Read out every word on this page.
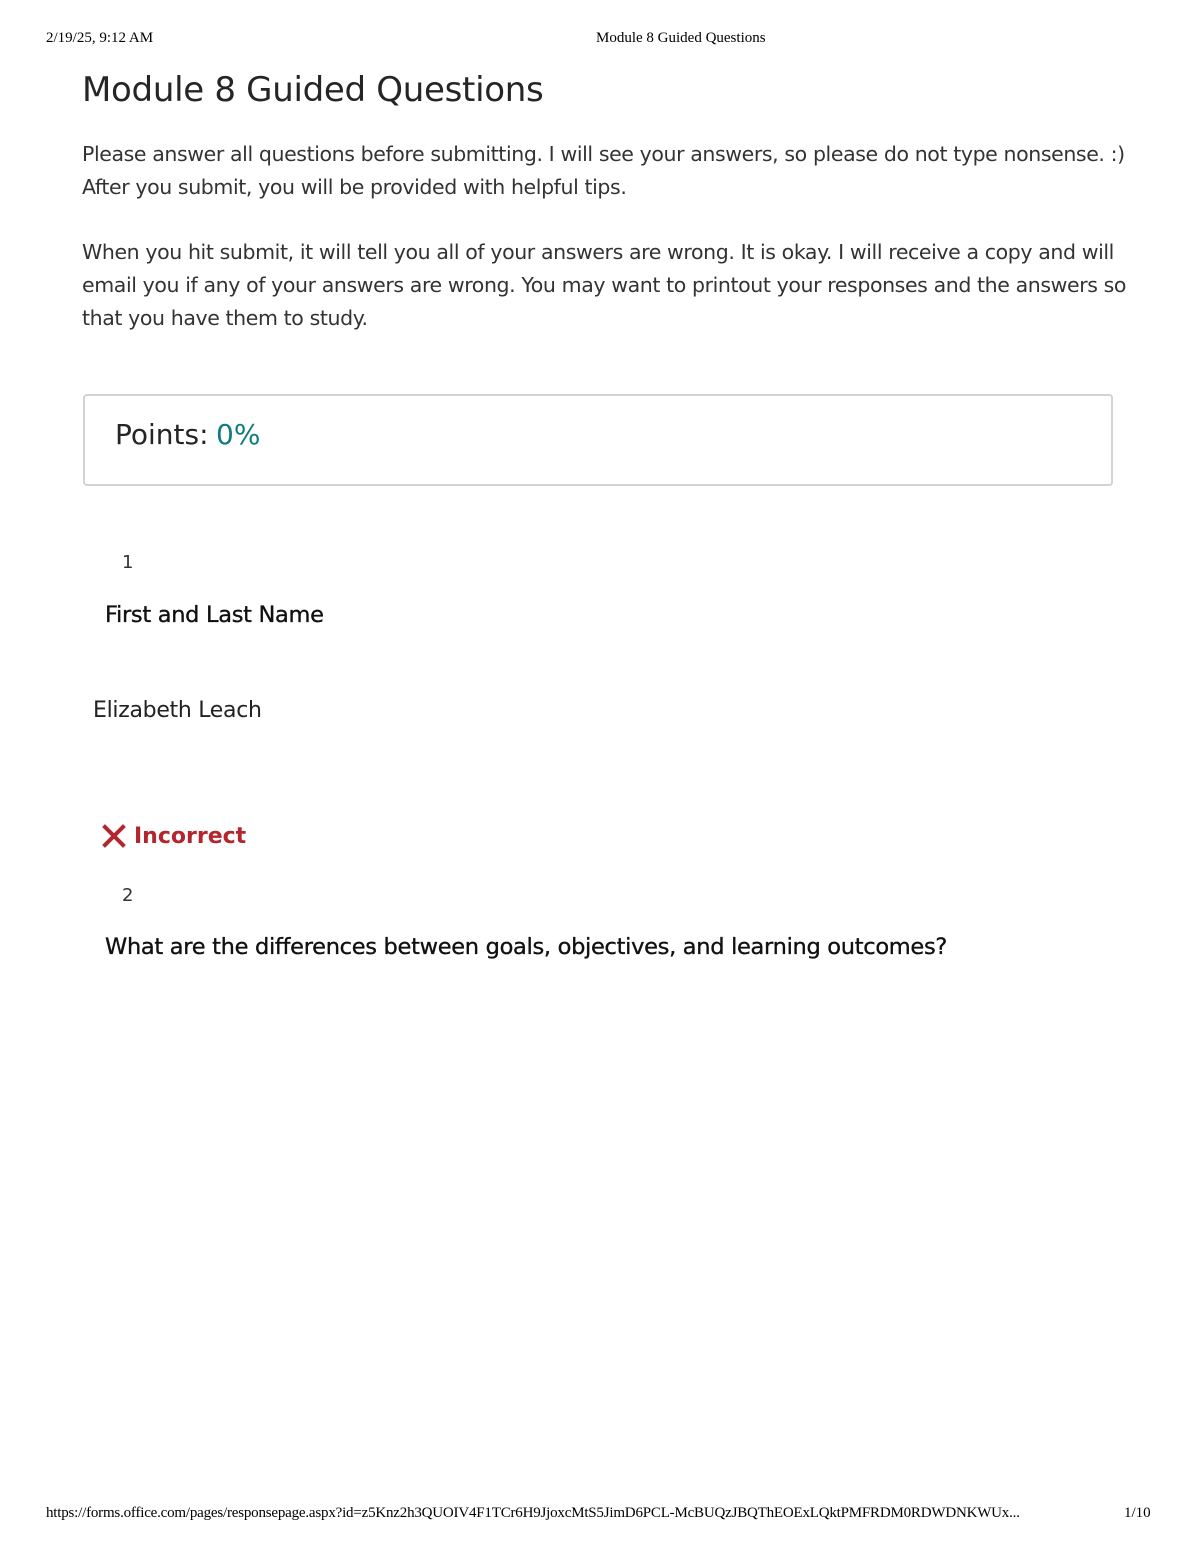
2/19/25, 9:12 AM	Module 8 Guided Questions
Module 8 Guided Questions

Please answer all questions before submitting. I will see your answers, so please do not type nonsense. :) After you submit, you will be provided with helpful tips.

When you hit submit, it will tell you all of your answers are wrong. It is okay. I will receive a copy and will email you if any of your answers are wrong. You may want to printout your responses and the answers so that you have them to study.

Points: 0%
1
First and Last Name
Elizabeth Leach
Incorrect
2
What are the differences between goals, objectives, and learning outcomes?
https://forms.office.com/pages/responsepage.aspx?id=z5Knz2h3QUOIV4F1TCr6H9JjoxcMtS5JimD6PCL-McBUQzJBQThEOExLQktPMFRDM0RDWDNKWUx...	1/10
